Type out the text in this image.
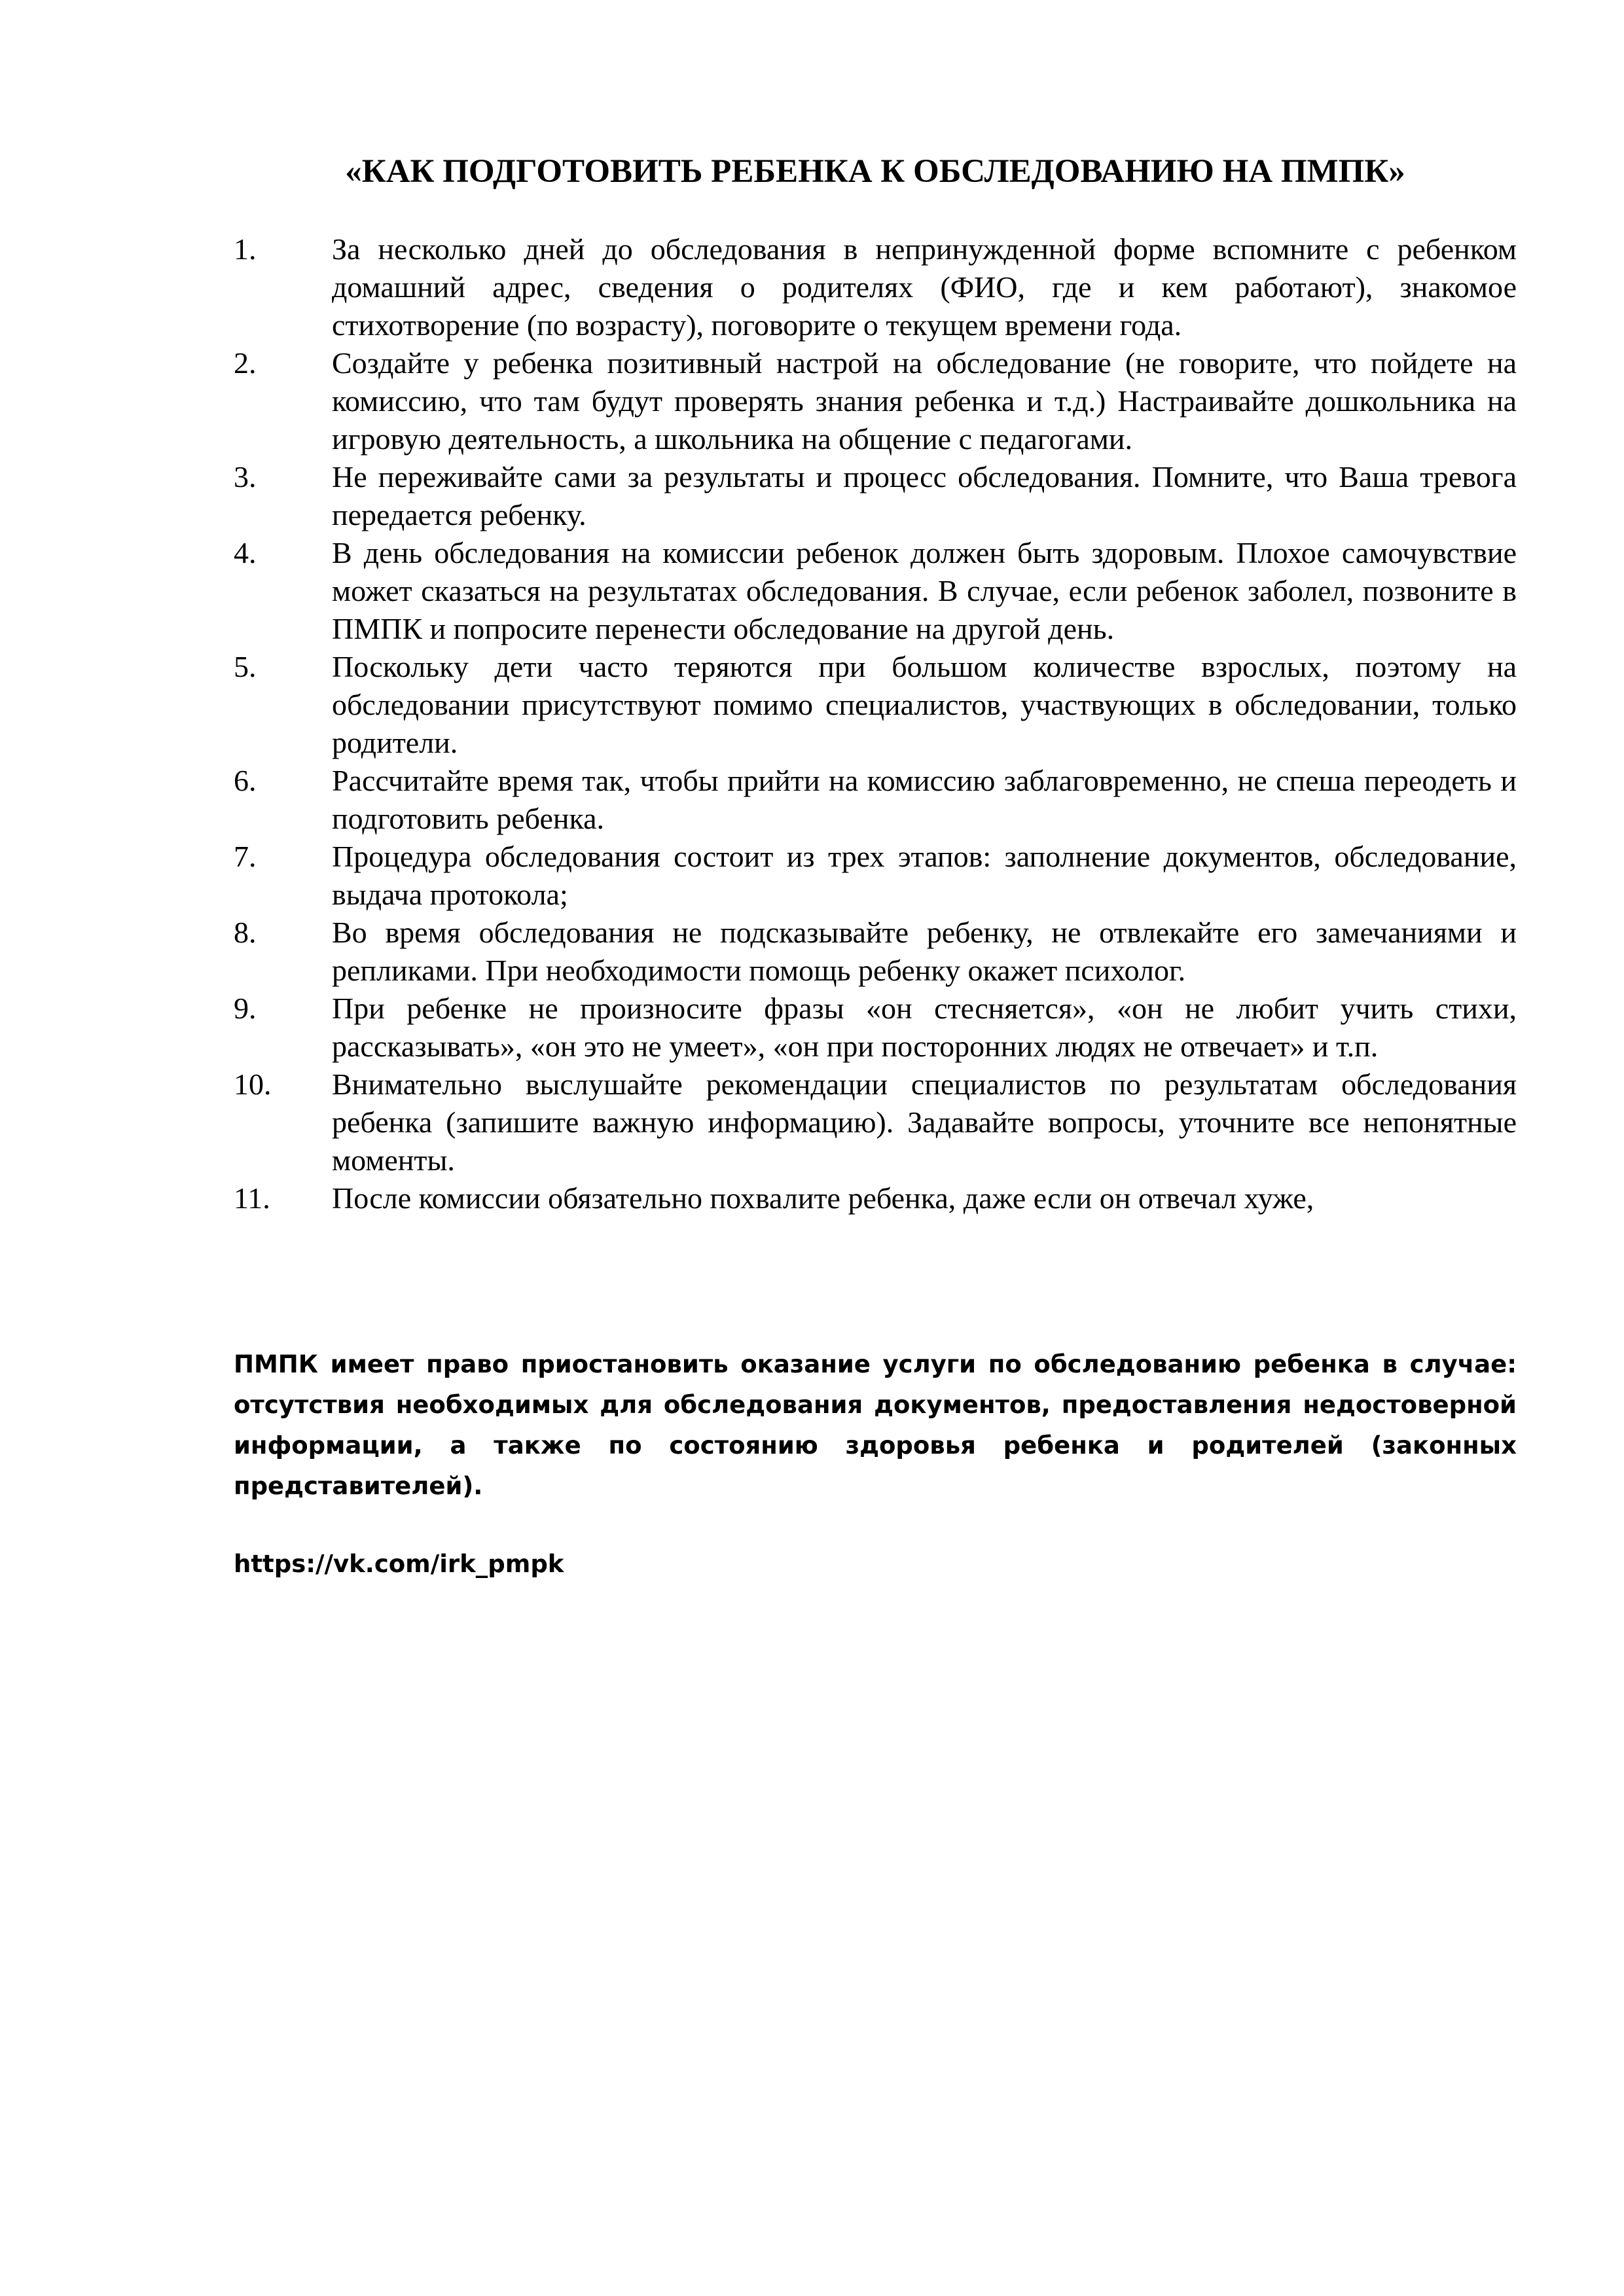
«КАК ПОДГОТОВИТЬ РЕБЕНКА К ОБСЛЕДОВАНИЮ НА ПМПК»
1.	За несколько дней до обследования в непринужденной форме вспомните с ребенком домашний адрес, сведения о родителях (ФИО, где и кем работают), знакомое стихотворение (по возрасту), поговорите о текущем времени года.
2.	Создайте у ребенка позитивный настрой на обследование (не говорите, что пойдете на комиссию, что там будут проверять знания ребенка и т.д.) Настраивайте дошкольника на игровую деятельность, а школьника на общение с педагогами.
3.	Не переживайте сами за результаты и процесс обследования. Помните, что Ваша тревога передается ребенку.
4.	В день обследования на комиссии ребенок должен быть здоровым. Плохое самочувствие может сказаться на результатах обследования. В случае, если ребенок заболел, позвоните в ПМПК и попросите перенести обследование на другой день.
5.	Поскольку дети часто теряются при большом количестве взрослых, поэтому на обследовании присутствуют помимо специалистов, участвующих в обследовании, только родители.
6.	Рассчитайте время так, чтобы прийти на комиссию заблаговременно, не спеша переодеть и подготовить ребенка.
7.	Процедура обследования состоит из трех этапов: заполнение документов, обследование, выдача протокола;
8.	Во время обследования не подсказывайте ребенку, не отвлекайте его замечаниями и репликами. При необходимости помощь ребенку окажет психолог.
9.	При ребенке не произносите фразы «он стесняется», «он не любит учить стихи, рассказывать», «он это не умеет», «он при посторонних людях не отвечает» и т.п.
10.	Внимательно выслушайте рекомендации специалистов по результатам обследования ребенка (запишите важную информацию). Задавайте вопросы, уточните все непонятные моменты.
11.	После комиссии обязательно похвалите ребенка, даже если он отвечал хуже,

ПМПК имеет право приостановить оказание услуги по обследованию ребенка в случае: отсутствия необходимых для обследования документов, предоставления недостоверной информации, а также по состоянию здоровья ребенка и родителей (законных представителей).

https://vk.com/irk_pmpk
